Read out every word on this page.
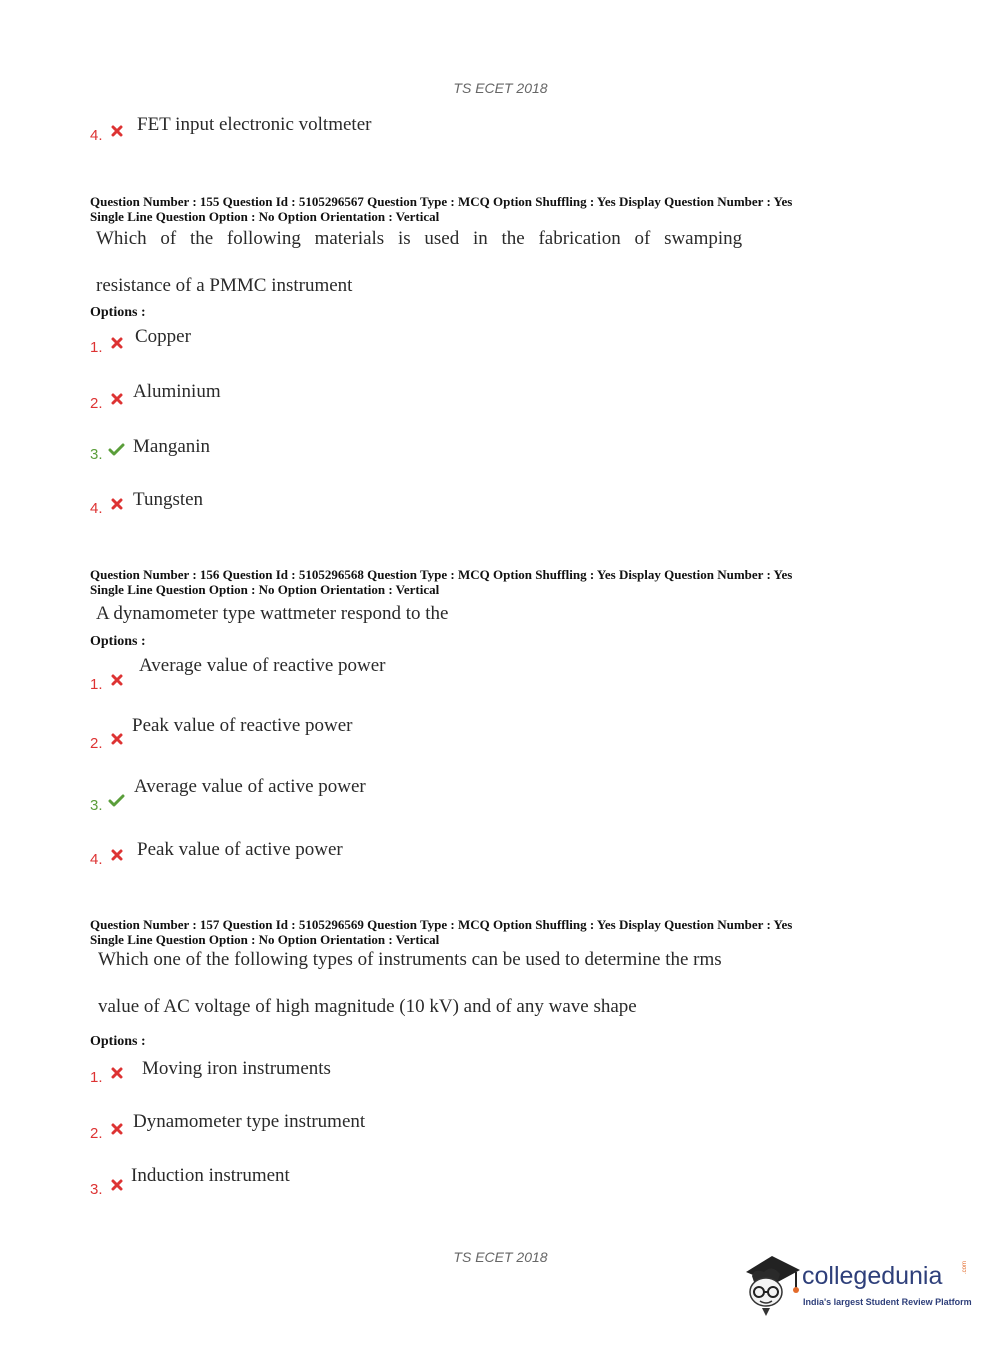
TS ECET 2018
4.
FET input electronic voltmeter
Question Number : 155 Question Id : 5105296567 Question Type : MCQ Option Shuffling : Yes Display Question Number : Yes
Single Line Question Option : No Option Orientation : Vertical
Which of the following materials is used in the fabrication of swamping
resistance of a PMMC instrument
Options :
1.
Copper
2.
Aluminium
3. Manganin
4. Tungsten
Question Number : 156 Question Id : 5105296568 Question Type : MCQ Option Shuffling : Yes Display Question Number : Yes
Single Line Question Option : No Option Orientation : Vertical
A dynamometer type wattmeter respond to the
Options :
1.
Average value of reactive power
2.
Peak value of reactive power
3.
Average value of active power
4. Peak value of active power
Question Number : 157 Question Id : 5105296569 Question Type : MCQ Option Shuffling : Yes Display Question Number : Yes
Single Line Question Option : No Option Orientation : Vertical
Which one of the following types of instruments can be used to determine the rms
value of AC voltage of high magnitude (10 kV) and of any wave shape
Options :
1. Moving iron instruments
2.
Dynamometer type instrument
3.
Induction instrument
TS ECET 2018
collegedunia	.com
India's largest Student Review Platform
